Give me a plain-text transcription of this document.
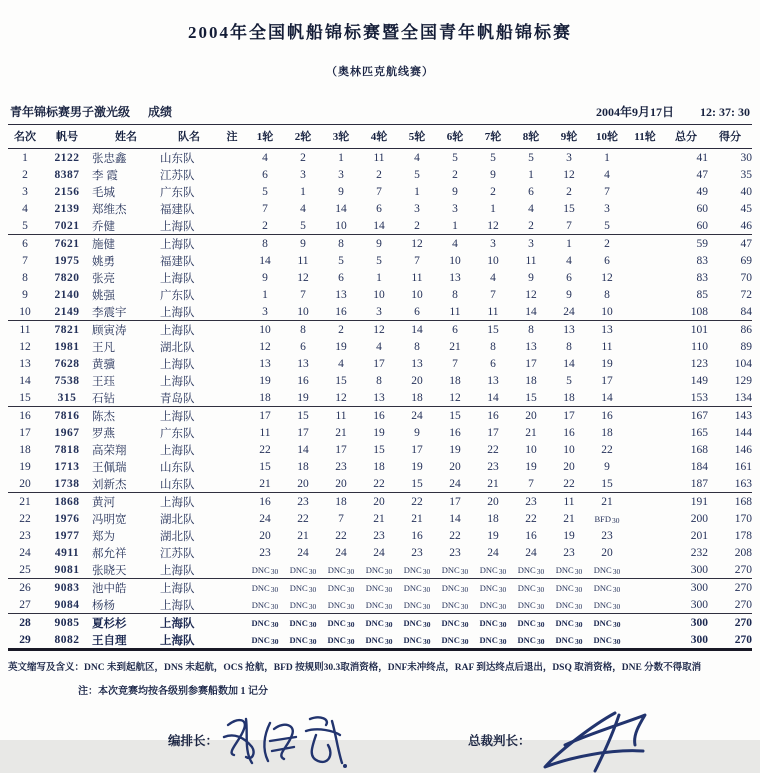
2004年全国帆船锦标赛暨全国青年帆船锦标赛
（奥林匹克航线赛）
青年锦标赛男子激光级 成绩	2004年9月17日 12: 37: 30
名次	帆号	姓名	队名	注	1轮	2轮	3轮	4轮	5轮	6轮	7轮	8轮	9轮	10轮	11轮	总分	得分
1	2122	张忠鑫	山东队		4	2	1	11	4	5	5	5	3	1		41	30
2	8387	李 霞	江苏队		6	3	3	2	5	2	9	1	12	4		47	35
3	2156	毛城	广东队		5	1	9	7	1	9	2	6	2	7		49	40
4	2139	郑维杰	福建队		7	4	14	6	3	3	1	4	15	3		60	45
5	7021	乔健	上海队		2	5	10	14	2	1	12	2	7	5		60	46
6	7621	施健	上海队		8	9	8	9	12	4	3	3	1	2		59	47
7	1975	姚勇	福建队		14	11	5	5	7	10	10	11	4	6		83	69
8	7820	张亮	上海队		9	12	6	1	11	13	4	9	6	12		83	70
9	2140	姚强	广东队		1	7	13	10	10	8	7	12	9	8		85	72
10	2149	李震宇	上海队		3	10	16	3	6	11	11	14	24	10		108	84
11	7821	顾寅涛	上海队		10	8	2	12	14	6	15	8	13	13		101	86
12	1981	王凡	湖北队		12	6	19	4	8	21	8	13	8	11		110	89
13	7628	黄骥	上海队		13	13	4	17	13	7	6	17	14	19		123	104
14	7538	王珏	上海队		19	16	15	8	20	18	13	18	5	17		149	129
15	315	石钻	青岛队		18	19	12	13	18	12	14	15	18	14		153	134
16	7816	陈杰	上海队		17	15	11	16	24	15	16	20	17	16		167	143
17	1967	罗燕	广东队		11	17	21	19	9	16	17	21	16	18		165	144
18	7818	高荣翔	上海队		22	14	17	15	17	19	22	10	10	22		168	146
19	1713	王佩瑞	山东队		15	18	23	18	19	20	23	19	20	9		184	161
20	1738	刘新杰	山东队		21	20	20	22	15	24	21	7	22	15		187	163
21	1868	黄河	上海队		16	23	18	20	22	17	20	23	11	21		191	168
22	1976	冯明宽	湖北队		24	22	7	21	21	14	18	22	21	BFD30		200	170
23	1977	郑为	湖北队		20	21	22	23	16	22	19	16	19	23		201	178
24	4911	郝允祥	江苏队		23	24	24	24	23	23	24	24	23	20		232	208
25	9081	张晓天	上海队		DNC30	DNC30	DNC30	DNC30	DNC30	DNC30	DNC30	DNC30	DNC30	DNC30		300	270
26	9083	池中皓	上海队		DNC30	DNC30	DNC30	DNC30	DNC30	DNC30	DNC30	DNC30	DNC30	DNC30		300	270
27	9084	杨杨	上海队		DNC30	DNC30	DNC30	DNC30	DNC30	DNC30	DNC30	DNC30	DNC30	DNC30		300	270
28	9085	夏杉杉	上海队		DNC30	DNC30	DNC30	DNC30	DNC30	DNC30	DNC30	DNC30	DNC30	DNC30		300	270
29	8082	王自理	上海队		DNC30	DNC30	DNC30	DNC30	DNC30	DNC30	DNC30	DNC30	DNC30	DNC30		300	270
英文缩写及含义：DNC 未到起航区，DNS 未起航，OCS 抢航，BFD 按规则30.3取消资格，DNF未冲终点，RAF 到达终点后退出，DSQ 取消资格，DNE 分数不得取消
注：本次竞赛均按各级别参赛船数加 1 记分
编排长：	总裁判长：
